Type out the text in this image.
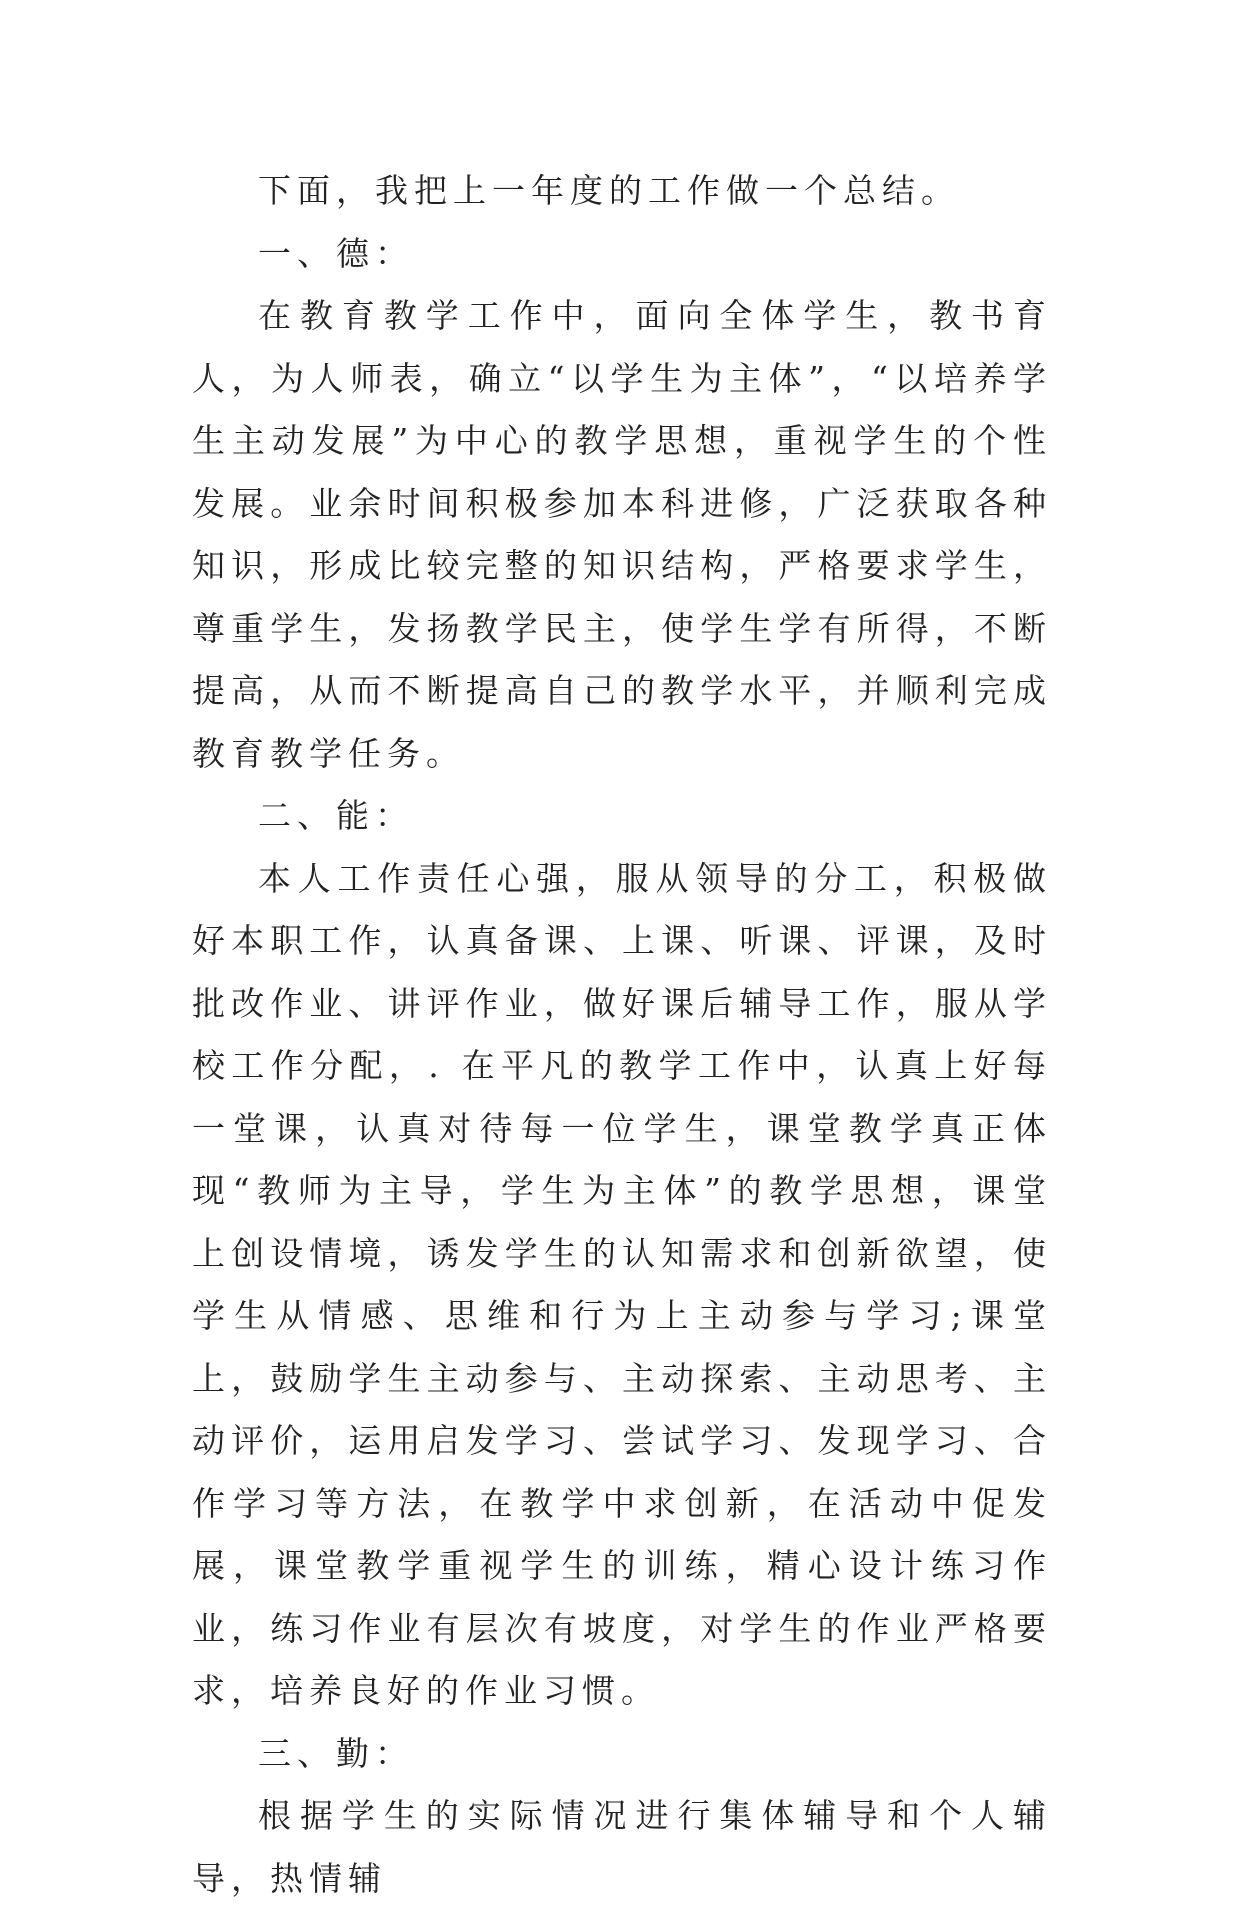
下面，我把上一年度的工作做一个总结。

一、德：

在教育教学工作中，面向全体学生，教书育人，为人师表，确立“以学生为主体”，“以培养学生主动发展”为中心的教学思想，重视学生的个性发展。业余时间积极参加本科进修，广泛获取各种知识，形成比较完整的知识结构，严格要求学生，尊重学生，发扬教学民主，使学生学有所得，不断提高，从而不断提高自己的教学水平，并顺利完成教育教学任务。

二、能：

本人工作责任心强，服从领导的分工，积极做好本职工作，认真备课、上课、听课、评课，及时批改作业、讲评作业，做好课后辅导工作，服从学校工作分配，. 在平凡的教学工作中，认真上好每一堂课，认真对待每一位学生，课堂教学真正体现“教师为主导，学生为主体”的教学思想，课堂上创设情境，诱发学生的认知需求和创新欲望，使学生从情感、思维和行为上主动参与学习;课堂上，鼓励学生主动参与、主动探索、主动思考、主动评价，运用启发学习、尝试学习、发现学习、合作学习等方法，在教学中求创新，在活动中促发展，课堂教学重视学生的训练，精心设计练习作业，练习作业有层次有坡度，对学生的作业严格要求，培养良好的作业习惯。

三、勤：

根据学生的实际情况进行集体辅导和个人辅导，热情辅
